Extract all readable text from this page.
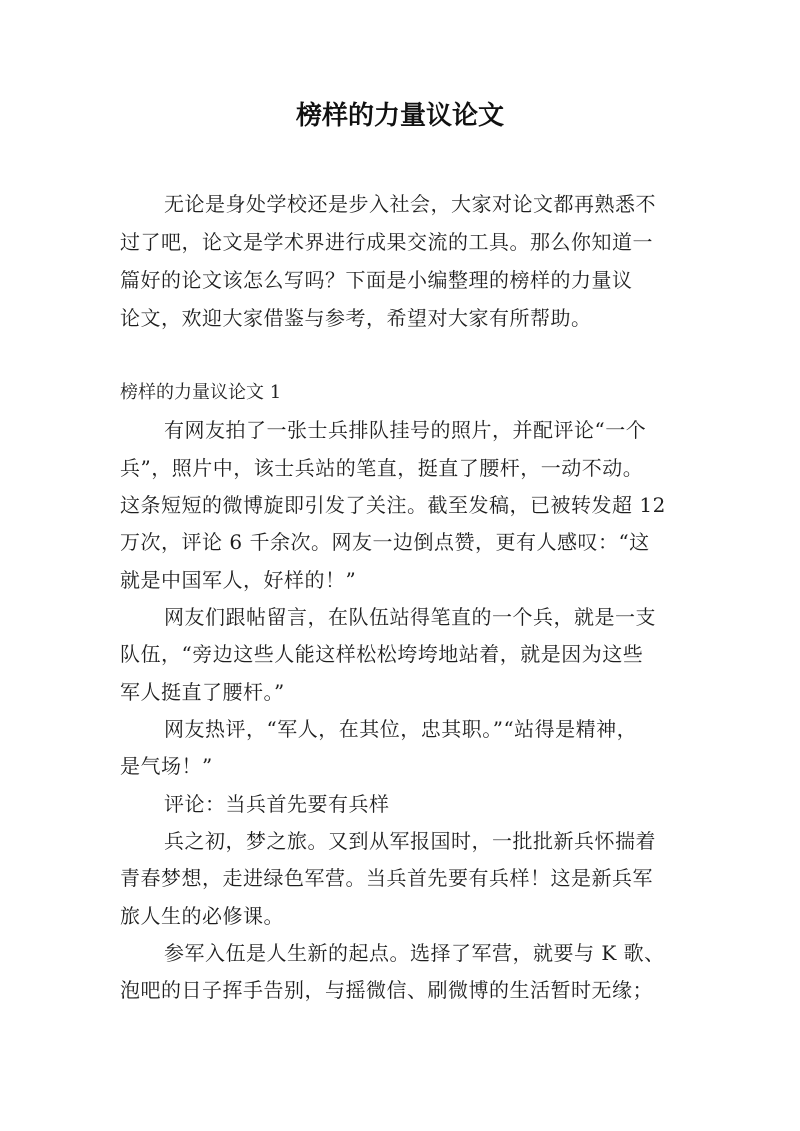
榜样的力量议论文
无论是身处学校还是步入社会，大家对论文都再熟悉不
过了吧，论文是学术界进行成果交流的工具。那么你知道一
篇好的论文该怎么写吗？下面是小编整理的榜样的力量议
论文，欢迎大家借鉴与参考，希望对大家有所帮助。
榜样的力量议论文 1
有网友拍了一张士兵排队挂号的照片，并配评论“一个
兵”，照片中，该士兵站的笔直，挺直了腰杆，一动不动。
这条短短的微博旋即引发了关注。截至发稿，已被转发超 12
万次，评论 6 千余次。网友一边倒点赞，更有人感叹：“这
就是中国军人，好样的！”
网友们跟帖留言，在队伍站得笔直的一个兵，就是一支
队伍，“旁边这些人能这样松松垮垮地站着，就是因为这些
军人挺直了腰杆。”
网友热评，“军人，在其位，忠其职。”“站得是精神，
是气场！”
评论：当兵首先要有兵样
兵之初，梦之旅。又到从军报国时，一批批新兵怀揣着
青春梦想，走进绿色军营。当兵首先要有兵样！这是新兵军
旅人生的必修课。
参军入伍是人生新的起点。选择了军营，就要与 K 歌、
泡吧的日子挥手告别，与摇微信、刷微博的生活暂时无缘；
